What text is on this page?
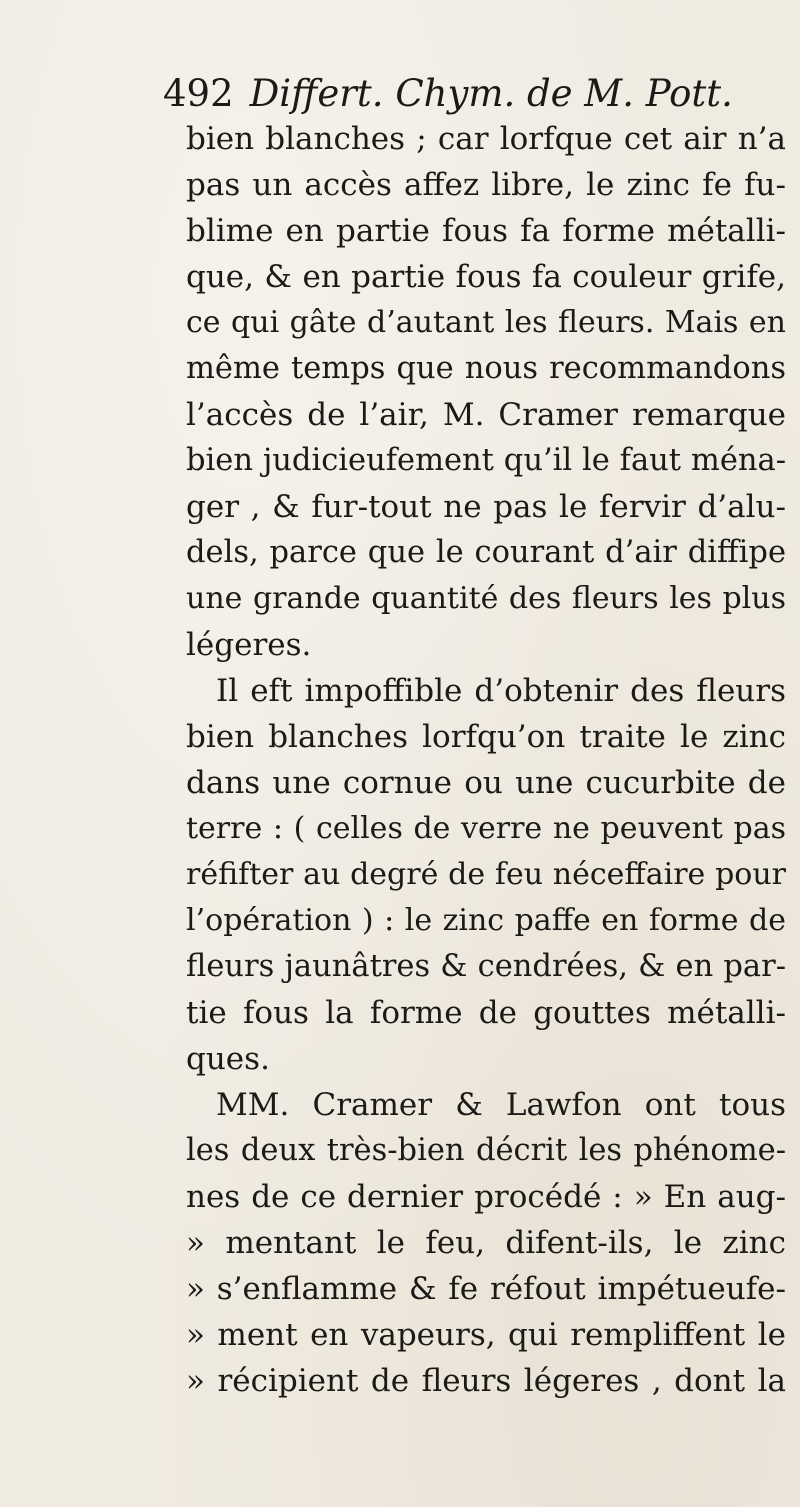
492 Differt. Chym. de M. Pott.
bien blanches ; car lorfque cet air n’a
pas un accès affez libre, le zinc fe fu-
blime en partie fous fa forme métalli-
que, & en partie fous fa couleur grife,
ce qui gâte d’autant les fleurs. Mais en
même temps que nous recommandons
l’accès de l’air, M. Cramer remarque
bien judicieufement qu’il le faut ména-
ger , & fur-tout ne pas le fervir d’alu-
dels, parce que le courant d’air diffipe
une grande quantité des fleurs les plus
légeres.
Il eft impoffible d’obtenir des fleurs
bien blanches lorfqu’on traite le zinc
dans une cornue ou une cucurbite de
terre : ( celles de verre ne peuvent pas
réfifter au degré de feu néceffaire pour
l’opération ) : le zinc paffe en forme de
fleurs jaunâtres & cendrées, & en par-
tie fous la forme de gouttes métalli-
ques.
MM. Cramer & Lawfon ont tous
les deux très-bien décrit les phénome-
nes de ce dernier procédé : » En aug-
» mentant le feu, difent-ils, le zinc
» s’enflamme & fe réfout impétueufe-
» ment en vapeurs, qui rempliffent le
» récipient de fleurs légeres , dont la
